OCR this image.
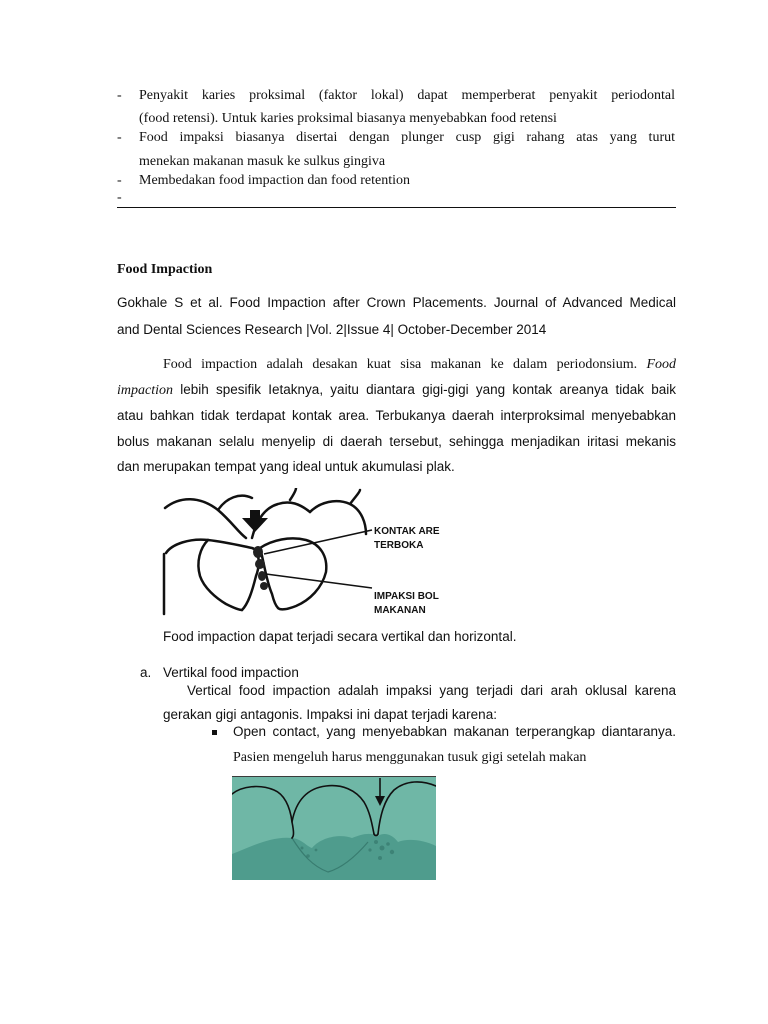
-	Penyakit karies proksimal (faktor lokal) dapat memperberat penyakit periodontal
(food retensi). Untuk karies proksimal biasanya menyebabkan food retensi
-	Food impaksi biasanya disertai dengan plunger cusp gigi rahang atas yang turut
menekan makanan masuk ke sulkus gingiva
-	Membedakan food impaction dan food retention
-
Food Impaction
Gokhale S et al. Food Impaction after Crown Placements. Journal of Advanced Medical
and Dental Sciences Research |Vol. 2|Issue 4| October-December 2014
Food impaction adalah desakan kuat sisa makanan ke dalam periodonsium. Food
impaction lebih spesifik Ietaknya, yaitu diantara gigi-gigi yang kontak areanya tidak baik
atau bahkan tidak terdapat kontak area. Terbukanya daerah interproksimal menyebabkan
bolus makanan selalu menyelip di daerah tersebut, sehingga menjadikan iritasi mekanis
dan merupakan tempat yang ideal untuk akumulasi plak.
KONTAK ARE
TERBOKA
IMPAKSI BOL
MAKANAN
Food impaction dapat terjadi secara vertikal dan horizontal.
a. Vertikal food impaction
Vertical food impaction adalah impaksi yang terjadi dari arah oklusal karena
gerakan gigi antagonis. Impaksi ini dapat terjadi karena:
Open contact, yang menyebabkan makanan terperangkap diantaranya.
Pasien mengeluh harus menggunakan tusuk gigi setelah makan
